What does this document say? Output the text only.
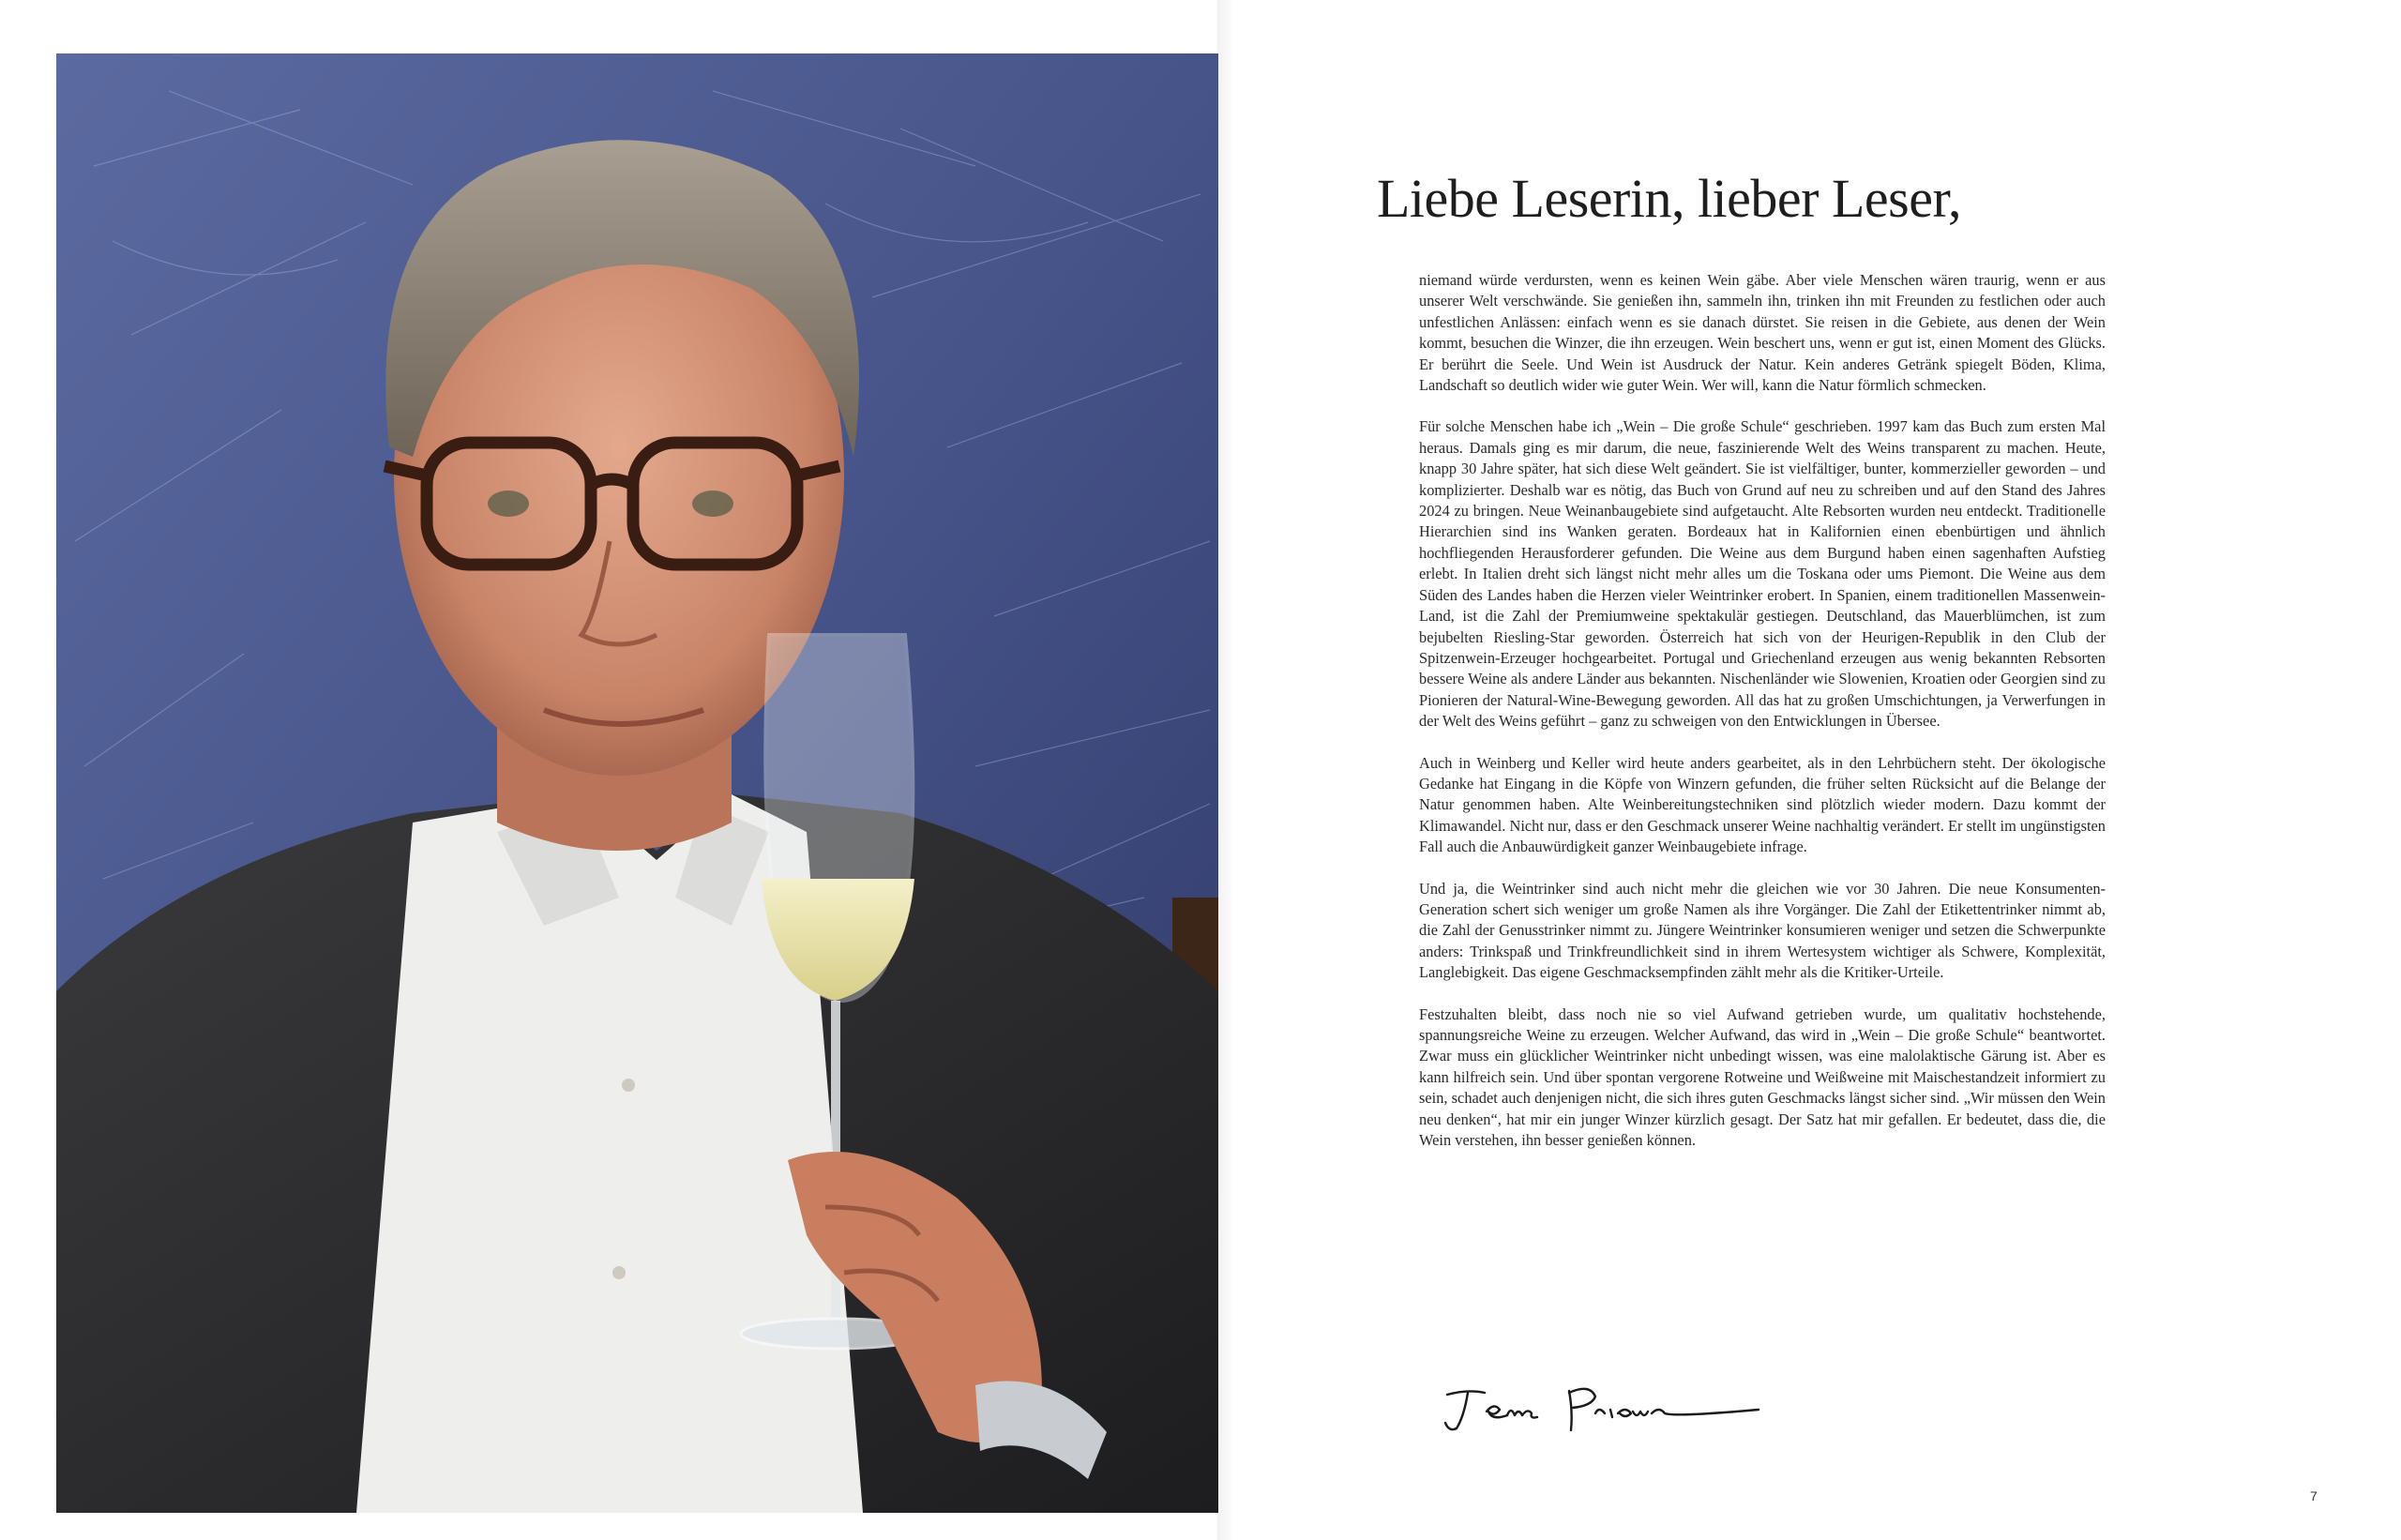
Liebe Leserin, lieber Leser,

niemand würde verdursten, wenn es keinen Wein gäbe. Aber viele Menschen wären traurig, wenn er aus unserer Welt verschwände. Sie genießen ihn, sammeln ihn, trinken ihn mit Freunden zu festlichen oder auch unfestlichen Anlässen: einfach wenn es sie danach dürstet. Sie reisen in die Gebiete, aus denen der Wein kommt, besuchen die Winzer, die ihn erzeugen. Wein beschert uns, wenn er gut ist, einen Moment des Glücks. Er berührt die Seele. Und Wein ist Ausdruck der Natur. Kein anderes Getränk spiegelt Böden, Klima, Landschaft so deutlich wider wie guter Wein. Wer will, kann die Natur förmlich schmecken.

Für solche Menschen habe ich „Wein – Die große Schule“ geschrieben. 1997 kam das Buch zum ersten Mal heraus. Damals ging es mir darum, die neue, faszinierende Welt des Weins transparent zu machen. Heute, knapp 30 Jahre später, hat sich diese Welt geändert. Sie ist vielfältiger, bunter, kommerzieller geworden – und komplizierter. Deshalb war es nötig, das Buch von Grund auf neu zu schreiben und auf den Stand des Jahres 2024 zu bringen. Neue Weinanbaugebiete sind aufgetaucht. Alte Rebsorten wurden neu entdeckt. Traditionelle Hierarchien sind ins Wanken geraten. Bordeaux hat in Kalifornien einen ebenbürtigen und ähnlich hochfliegenden Herausforderer gefunden. Die Weine aus dem Burgund haben einen sagenhaften Aufstieg erlebt. In Italien dreht sich längst nicht mehr alles um die Toskana oder ums Piemont. Die Weine aus dem Süden des Landes haben die Herzen vieler Weintrinker erobert. In Spanien, einem traditionellen Massenwein-Land, ist die Zahl der Premiumweine spektakulär gestiegen. Deutschland, das Mauerblümchen, ist zum bejubelten Riesling-Star geworden. Österreich hat sich von der Heurigen-Republik in den Club der Spitzenwein-Erzeuger hochgearbeitet. Portugal und Griechenland erzeugen aus wenig bekannten Rebsorten bessere Weine als andere Länder aus bekannten. Nischenländer wie Slowenien, Kroatien oder Georgien sind zu Pionieren der Natural-Wine-Bewegung geworden. All das hat zu großen Umschichtungen, ja Verwerfungen in der Welt des Weins geführt – ganz zu schweigen von den Entwicklungen in Übersee.

Auch in Weinberg und Keller wird heute anders gearbeitet, als in den Lehrbüchern steht. Der ökologische Gedanke hat Eingang in die Köpfe von Winzern gefunden, die früher selten Rücksicht auf die Belange der Natur genommen haben. Alte Weinbereitungstechniken sind plötzlich wieder modern. Dazu kommt der Klimawandel. Nicht nur, dass er den Geschmack unserer Weine nachhaltig verändert. Er stellt im ungünstigsten Fall auch die Anbauwürdigkeit ganzer Weinbaugebiete infrage.

Und ja, die Weintrinker sind auch nicht mehr die gleichen wie vor 30 Jahren. Die neue Konsumenten-Generation schert sich weniger um große Namen als ihre Vorgänger. Die Zahl der Etikettentrinker nimmt ab, die Zahl der Genusstrinker nimmt zu. Jüngere Weintrinker konsumieren weniger und setzen die Schwerpunkte anders: Trinkspaß und Trinkfreundlichkeit sind in ihrem Wertesystem wichtiger als Schwere, Komplexität, Langlebigkeit. Das eigene Geschmacksempfinden zählt mehr als die Kritiker-Urteile.

Festzuhalten bleibt, dass noch nie so viel Aufwand getrieben wurde, um qualitativ hochstehende, spannungsreiche Weine zu erzeugen. Welcher Aufwand, das wird in „Wein – Die große Schule“ beantwortet. Zwar muss ein glücklicher Weintrinker nicht unbedingt wissen, was eine malolaktische Gärung ist. Aber es kann hilfreich sein. Und über spontan vergorene Rotweine und Weißweine mit Maischestandzeit informiert zu sein, schadet auch denjenigen nicht, die sich ihres guten Geschmacks längst sicher sind. „Wir müssen den Wein neu denken“, hat mir ein junger Winzer kürzlich gesagt. Der Satz hat mir gefallen. Er bedeutet, dass die, die Wein verstehen, ihn besser genießen können.

7
